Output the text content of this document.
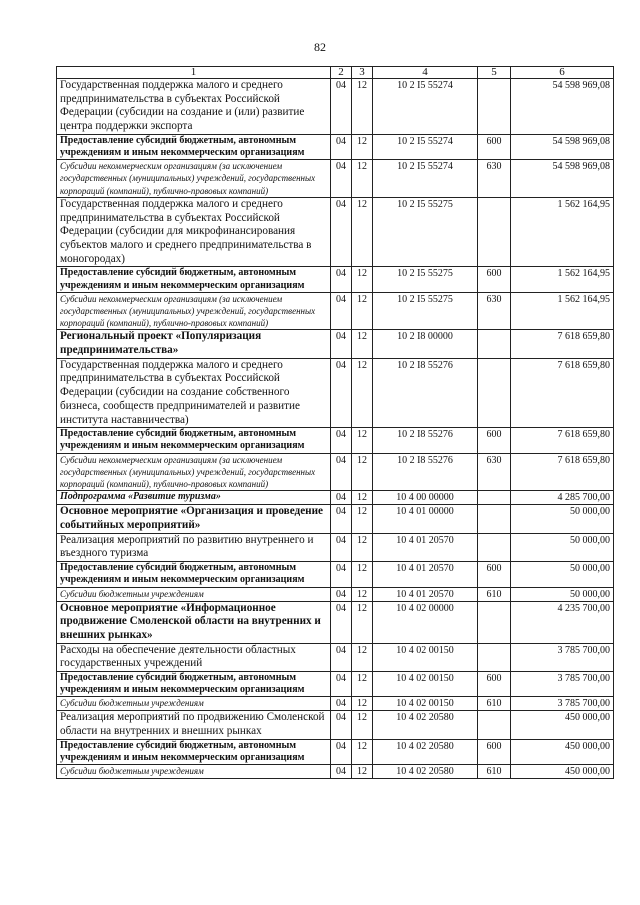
82
1	2	3	4	5	6
Государственная поддержка малого и среднего предпринимательства в субъектах Российской Федерации (субсидии на создание и (или) развитие центра поддержки экспорта	04	12	10 2 I5 55274		54 598 969,08
Предоставление субсидий бюджетным, автономным учреждениям и иным некоммерческим организациям	04	12	10 2 I5 55274	600	54 598 969,08
Субсидии некоммерческим организациям (за исключением государственных (муниципальных) учреждений, государственных корпораций (компаний), публично-правовых компаний)	04	12	10 2 I5 55274	630	54 598 969,08
Государственная поддержка малого и среднего предпринимательства в субъектах Российской Федерации (субсидии для микрофинансирования субъектов малого и среднего предпринимательства в моногородах)	04	12	10 2 I5 55275		1 562 164,95
Предоставление субсидий бюджетным, автономным учреждениям и иным некоммерческим организациям	04	12	10 2 I5 55275	600	1 562 164,95
Субсидии некоммерческим организациям (за исключением государственных (муниципальных) учреждений, государственных корпораций (компаний), публично-правовых компаний)	04	12	10 2 I5 55275	630	1 562 164,95
Региональный проект «Популяризация предпринимательства»	04	12	10 2 I8 00000		7 618 659,80
Государственная поддержка малого и среднего предпринимательства в субъектах Российской Федерации (субсидии на создание собственного бизнеса, сообществ предпринимателей и развитие института наставничества)	04	12	10 2 I8 55276		7 618 659,80
Предоставление субсидий бюджетным, автономным учреждениям и иным некоммерческим организациям	04	12	10 2 I8 55276	600	7 618 659,80
Субсидии некоммерческим организациям (за исключением государственных (муниципальных) учреждений, государственных корпораций (компаний), публично-правовых компаний)	04	12	10 2 I8 55276	630	7 618 659,80
Подпрограмма «Развитие туризма»	04	12	10 4 00 00000		4 285 700,00
Основное мероприятие «Организация и проведение событийных мероприятий»	04	12	10 4 01 00000		50 000,00
Реализация мероприятий по развитию внутреннего и въездного туризма	04	12	10 4 01 20570		50 000,00
Предоставление субсидий бюджетным, автономным учреждениям и иным некоммерческим организациям	04	12	10 4 01 20570	600	50 000,00
Субсидии бюджетным учреждениям	04	12	10 4 01 20570	610	50 000,00
Основное мероприятие «Информационное продвижение Смоленской области на внутренних и внешних рынках»	04	12	10 4 02 00000		4 235 700,00
Расходы на обеспечение деятельности областных государственных учреждений	04	12	10 4 02 00150		3 785 700,00
Предоставление субсидий бюджетным, автономным учреждениям и иным некоммерческим организациям	04	12	10 4 02 00150	600	3 785 700,00
Субсидии бюджетным учреждениям	04	12	10 4 02 00150	610	3 785 700,00
Реализация мероприятий по продвижению Смоленской области на внутренних и внешних рынках	04	12	10 4 02 20580		450 000,00
Предоставление субсидий бюджетным, автономным учреждениям и иным некоммерческим организациям	04	12	10 4 02 20580	600	450 000,00
Субсидии бюджетным учреждениям	04	12	10 4 02 20580	610	450 000,00
